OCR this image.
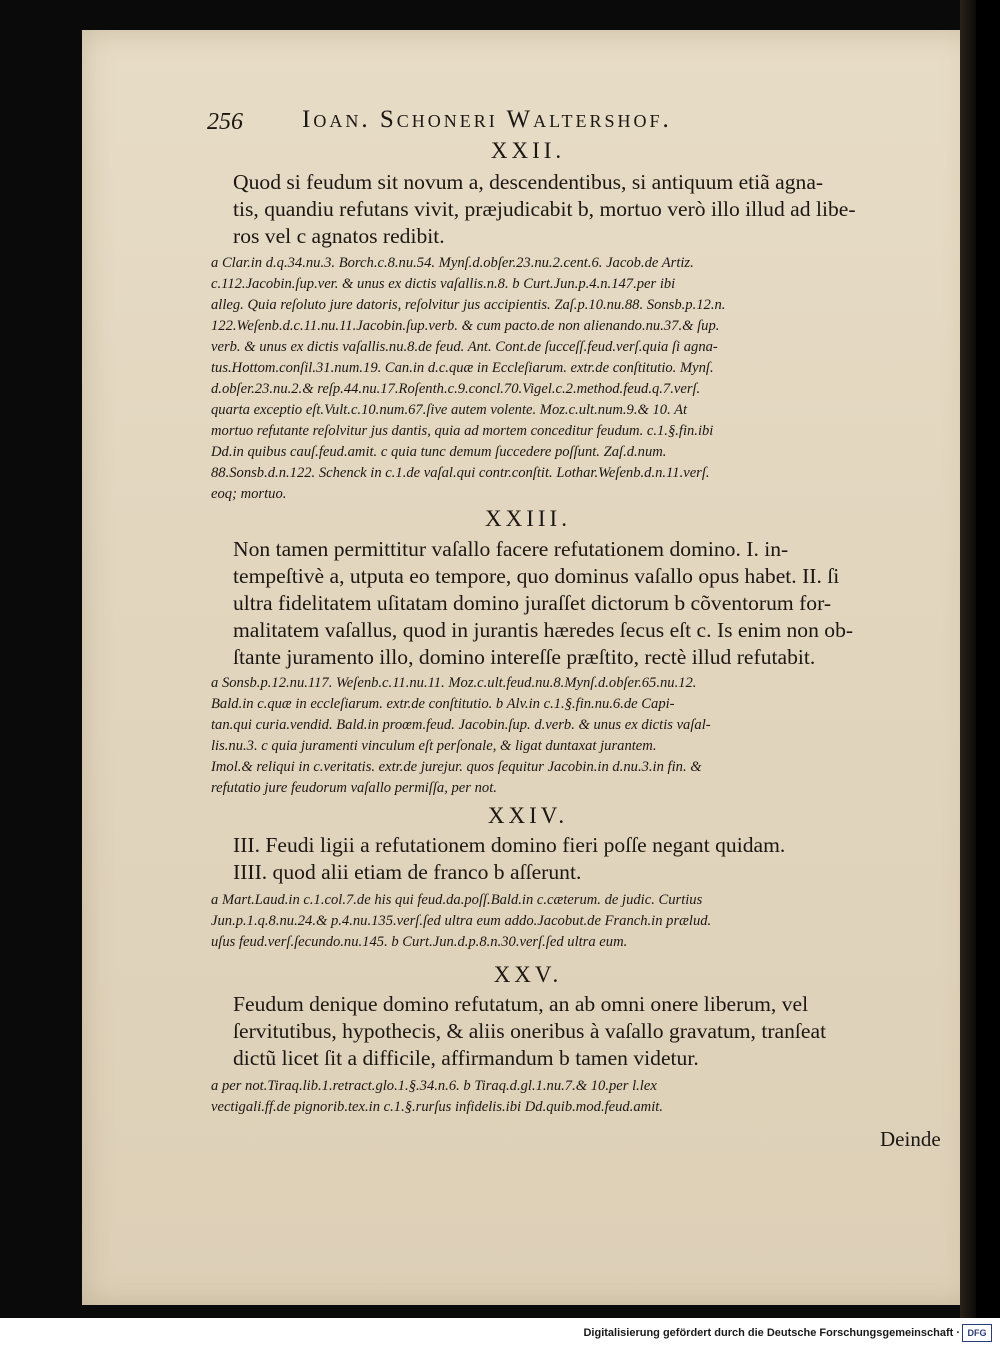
256 Ioan. Schoneri Waltershof.
XXII.
Quod si feudum sit novum a, descendentibus, si antiquum etiã agna-
tis, quandiu refutans vivit, præjudicabit b, mortuo verò illo illud ad libe-
ros vel c agnatos redibit.
a Clar.in d.q.34.nu.3. Borch.c.8.nu.54. Mynſ.d.obſer.23.nu.2.cent.6. Jacob.de Artiz.
c.112.Jacobin.ſup.ver. & unus ex dictis vaſallis.n.8. b Curt.Jun.p.4.n.147.per ibi
alleg. Quia reſoluto jure datoris, reſolvitur jus accipientis. Zaſ.p.10.nu.88. Sonsb.p.12.n.
122.Weſenb.d.c.11.nu.11.Jacobin.ſup.verb. & cum pacto.de non alienando.nu.37.& ſup.
verb. & unus ex dictis vaſallis.nu.8.de feud. Ant. Cont.de ſucceſſ.feud.verſ.quia ſi agna-
tus.Hottom.conſil.31.num.19. Can.in d.c.quæ in Eccleſiarum. extr.de conſtitutio. Mynſ.
d.obſer.23.nu.2.& reſp.44.nu.17.Roſenth.c.9.concl.70.Vigel.c.2.method.feud.q.7.verſ.
quarta exceptio eſt.Vult.c.10.num.67.ſive autem volente. Moz.c.ult.num.9.& 10. At
mortuo refutante reſolvitur jus dantis, quia ad mortem conceditur feudum. c.1.§.fin.ibi
Dd.in quibus cauſ.feud.amit. c quia tunc demum ſuccedere poſſunt. Zaſ.d.num.
88.Sonsb.d.n.122. Schenck in c.1.de vaſal.qui contr.conſtit. Lothar.Weſenb.d.n.11.verſ.
eoq; mortuo.
XXIII.
Non tamen permittitur vaſallo facere refutationem domino. I. in-
tempeſtivè a, utputa eo tempore, quo dominus vaſallo opus habet. II. ſi
ultra fidelitatem uſitatam domino juraſſet dictorum b cõventorum for-
malitatem vaſallus, quod in jurantis hæredes ſecus eſt c. Is enim non ob-
ſtante juramento illo, domino intereſſe præſtito, rectè illud refutabit.
a Sonsb.p.12.nu.117. Weſenb.c.11.nu.11. Moz.c.ult.feud.nu.8.Mynſ.d.obſer.65.nu.12.
Bald.in c.quæ in eccleſiarum. extr.de conſtitutio. b Alv.in c.1.§.fin.nu.6.de Capi-
tan.qui curia.vendid. Bald.in proœm.feud. Jacobin.ſup. d.verb. & unus ex dictis vaſal-
lis.nu.3. c quia juramenti vinculum eſt perſonale, & ligat duntaxat jurantem.
Imol.& reliqui in c.veritatis. extr.de jurejur. quos ſequitur Jacobin.in d.nu.3.in fin. &
refutatio jure feudorum vaſallo permiſſa, per not.
XXIV.
III. Feudi ligii a refutationem domino fieri poſſe negant quidam.
IIII. quod alii etiam de franco b aſſerunt.
a Mart.Laud.in c.1.col.7.de his qui feud.da.poſſ.Bald.in c.cæterum. de judic. Curtius
Jun.p.1.q.8.nu.24.& p.4.nu.135.verſ.ſed ultra eum addo.Jacobut.de Franch.in prælud.
uſus feud.verſ.ſecundo.nu.145. b Curt.Jun.d.p.8.n.30.verſ.ſed ultra eum.
XXV.
Feudum denique domino refutatum, an ab omni onere liberum, vel
ſervitutibus, hypothecis, & aliis oneribus à vaſallo gravatum, tranſeat
dictũ licet ſit a difficile, affirmandum b tamen videtur.
a per not.Tiraq.lib.1.retract.glo.1.§.34.n.6. b Tiraq.d.gl.1.nu.7.& 10.per l.lex
vectigali.ff.de pignorib.tex.in c.1.§.rurſus infidelis.ibi Dd.quib.mod.feud.amit.
Deinde
Digitalisierung gefördert durch die Deutsche Forschungsgemeinschaft · DFG
